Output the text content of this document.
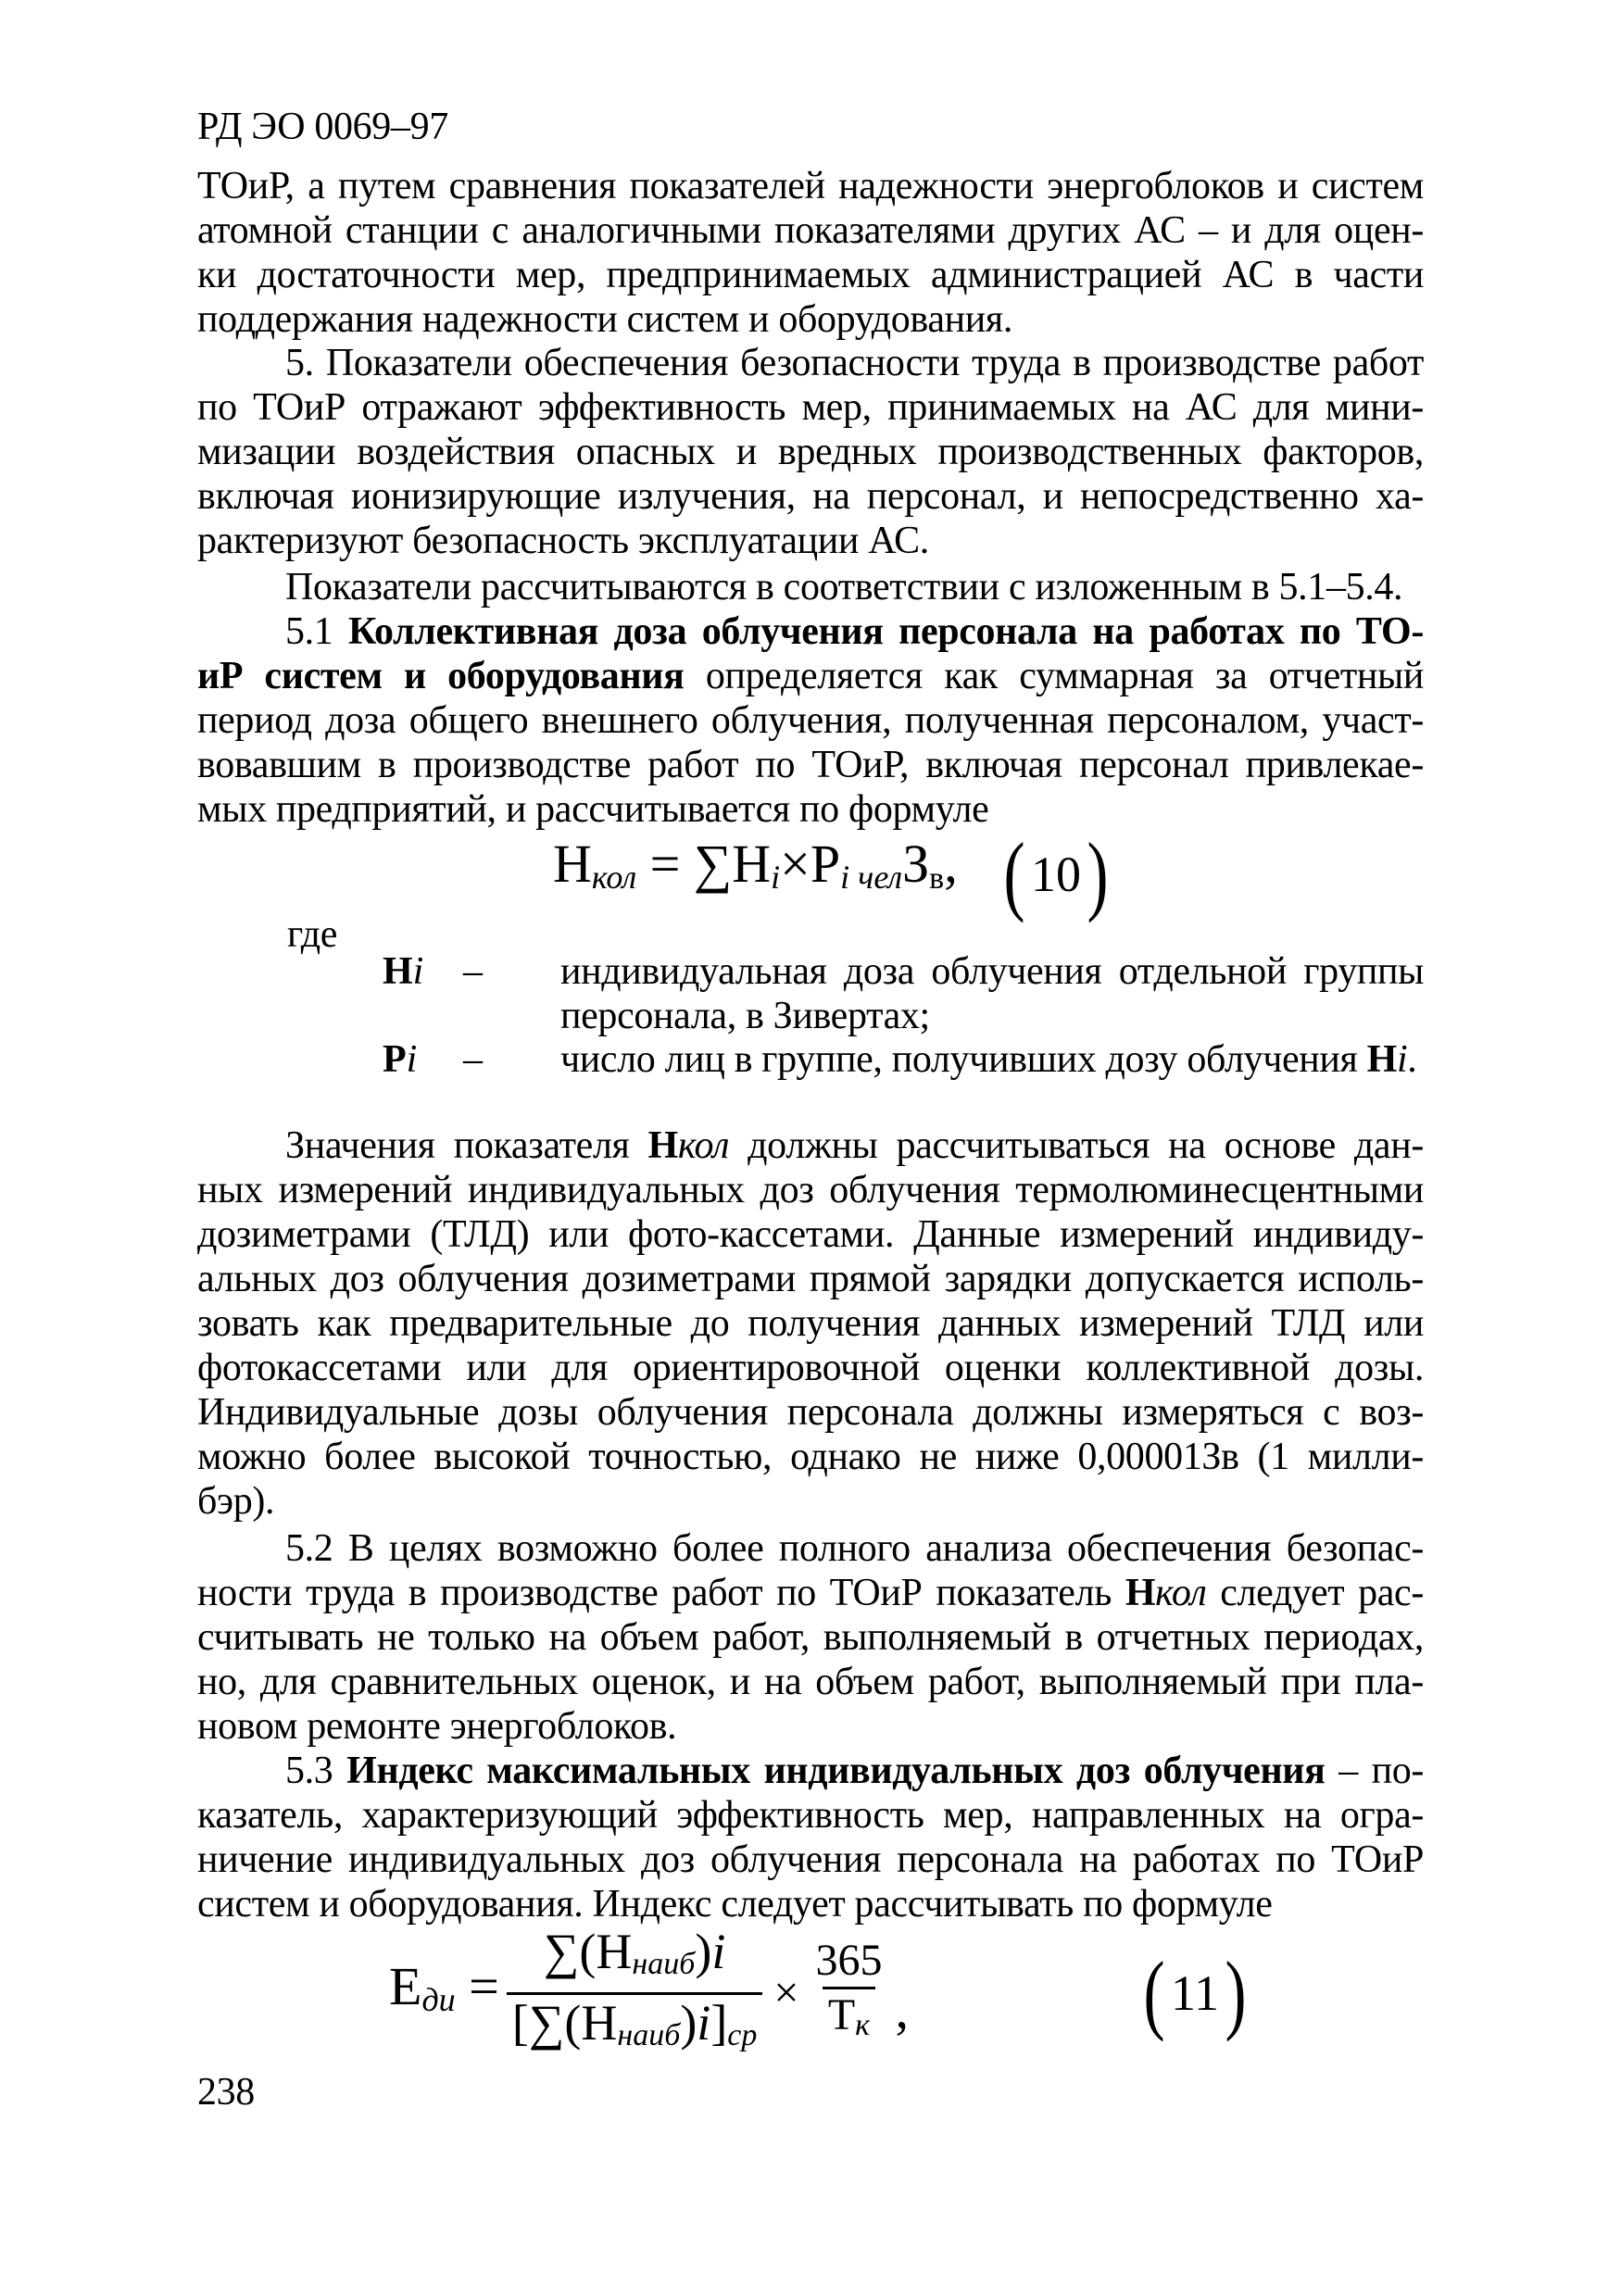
РД ЭО 0069–97
ТОиР, а путем сравнения показателей надежности энергоблоков и систем
атомной станции с аналогичными показателями других АС – и для оцен-
ки достаточности мер, предпринимаемых администрацией АС в части
поддержания надежности систем и оборудования.
5. Показатели обеспечения безопасности труда в производстве работ
по ТОиР отражают эффективность мер, принимаемых на АС для мини-
мизации воздействия опасных и вредных производственных факторов,
включая ионизирующие излучения, на персонал, и непосредственно ха-
рактеризуют безопасность эксплуатации АС.
Показатели рассчитываются в соответствии с изложенным в 5.1–5.4.
5.1 Коллективная доза облучения персонала на работах по ТО-
иР систем и оборудования определяется как суммарная за отчетный
период доза общего внешнего облучения, полученная персоналом, участ-
вовавшим в производстве работ по ТОиР, включая персонал привлекае-
мых предприятий, и рассчитывается по формуле
Нкол = ∑Нi×Рi челЗв, ( 10 )
где
Нi – индивидуальная доза облучения отдельной группы
персонала, в Зивертах;
Рi – число лиц в группе, получивших дозу облучения Нi.
Значения показателя Нкол должны рассчитываться на основе дан-
ных измерений индивидуальных доз облучения термолюминесцентными
дозиметрами (ТЛД) или фото-кассетами. Данные измерений индивиду-
альных доз облучения дозиметрами прямой зарядки допускается исполь-
зовать как предварительные до получения данных измерений ТЛД или
фотокассетами или для ориентировочной оценки коллективной дозы.
Индивидуальные дозы облучения персонала должны измеряться с воз-
можно более высокой точностью, однако не ниже 0,00001Зв (1 милли-
бэр).
5.2 В целях возможно более полного анализа обеспечения безопас-
ности труда в производстве работ по ТОиР показатель Нкол следует рас-
считывать не только на объем работ, выполняемый в отчетных периодах,
но, для сравнительных оценок, и на объем работ, выполняемый при пла-
новом ремонте энергоблоков.
5.3 Индекс максимальных индивидуальных доз облучения – по-
казатель, характеризующий эффективность мер, направленных на огра-
ничение индивидуальных доз облучения персонала на работах по ТОиР
систем и оборудования. Индекс следует рассчитывать по формуле
Еди = $\frac{\text{∑(Ннаиб)i}}{\text{[∑(Ннаиб)i]ср}} \times \frac{365}{Тк}$ ,	( 11 )
238
